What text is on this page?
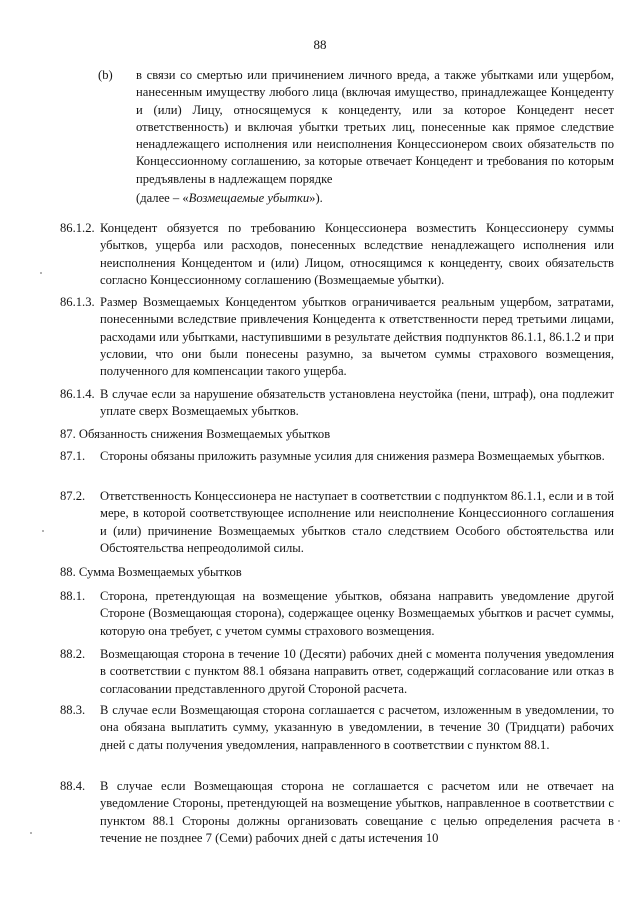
88
(b) в связи со смертью или причинением личного вреда, а также убытками или ущербом, нанесенным имуществу любого лица (включая имущество, принадлежащее Концеденту и (или) Лицу, относящемуся к концеденту, или за которое Концедент несет ответственность) и включая убытки третьих лиц, понесенные как прямое следствие ненадлежащего исполнения или неисполнения Концессионером своих обязательств по Концессионному соглашению, за которые отвечает Концедент и требования по которым предъявлены в надлежащем порядке
(далее – «Возмещаемые убытки»).
86.1.2. Концедент обязуется по требованию Концессионера возместить Концессионеру суммы убытков, ущерба или расходов, понесенных вследствие ненадлежащего исполнения или неисполнения Концедентом и (или) Лицом, относящимся к концеденту, своих обязательств согласно Концессионному соглашению (Возмещаемые убытки).
86.1.3. Размер Возмещаемых Концедентом убытков ограничивается реальным ущербом, затратами, понесенными вследствие привлечения Концедента к ответственности перед третьими лицами, расходами или убытками, наступившими в результате действия подпунктов 86.1.1, 86.1.2 и при условии, что они были понесены разумно, за вычетом суммы страхового возмещения, полученного для компенсации такого ущерба.
86.1.4. В случае если за нарушение обязательств установлена неустойка (пени, штраф), она подлежит уплате сверх Возмещаемых убытков.
87. Обязанность снижения Возмещаемых убытков
87.1. Стороны обязаны приложить разумные усилия для снижения размера Возмещаемых убытков.
87.2. Ответственность Концессионера не наступает в соответствии с подпунктом 86.1.1, если и в той мере, в которой соответствующее исполнение или неисполнение Концессионного соглашения и (или) причинение Возмещаемых убытков стало следствием Особого обстоятельства или Обстоятельства непреодолимой силы.
88. Сумма Возмещаемых убытков
88.1. Сторона, претендующая на возмещение убытков, обязана направить уведомление другой Стороне (Возмещающая сторона), содержащее оценку Возмещаемых убытков и расчет суммы, которую она требует, с учетом суммы страхового возмещения.
88.2. Возмещающая сторона в течение 10 (Десяти) рабочих дней с момента получения уведомления в соответствии с пунктом 88.1 обязана направить ответ, содержащий согласование или отказ в согласовании представленного другой Стороной расчета.
88.3. В случае если Возмещающая сторона соглашается с расчетом, изложенным в уведомлении, то она обязана выплатить сумму, указанную в уведомлении, в течение 30 (Тридцати) рабочих дней с даты получения уведомления, направленного в соответствии с пунктом 88.1.
88.4. В случае если Возмещающая сторона не соглашается с расчетом или не отвечает на уведомление Стороны, претендующей на возмещение убытков, направленное в соответствии с пунктом 88.1 Стороны должны организовать совещание с целью определения расчета в течение не позднее 7 (Семи) рабочих дней с даты истечения 10
